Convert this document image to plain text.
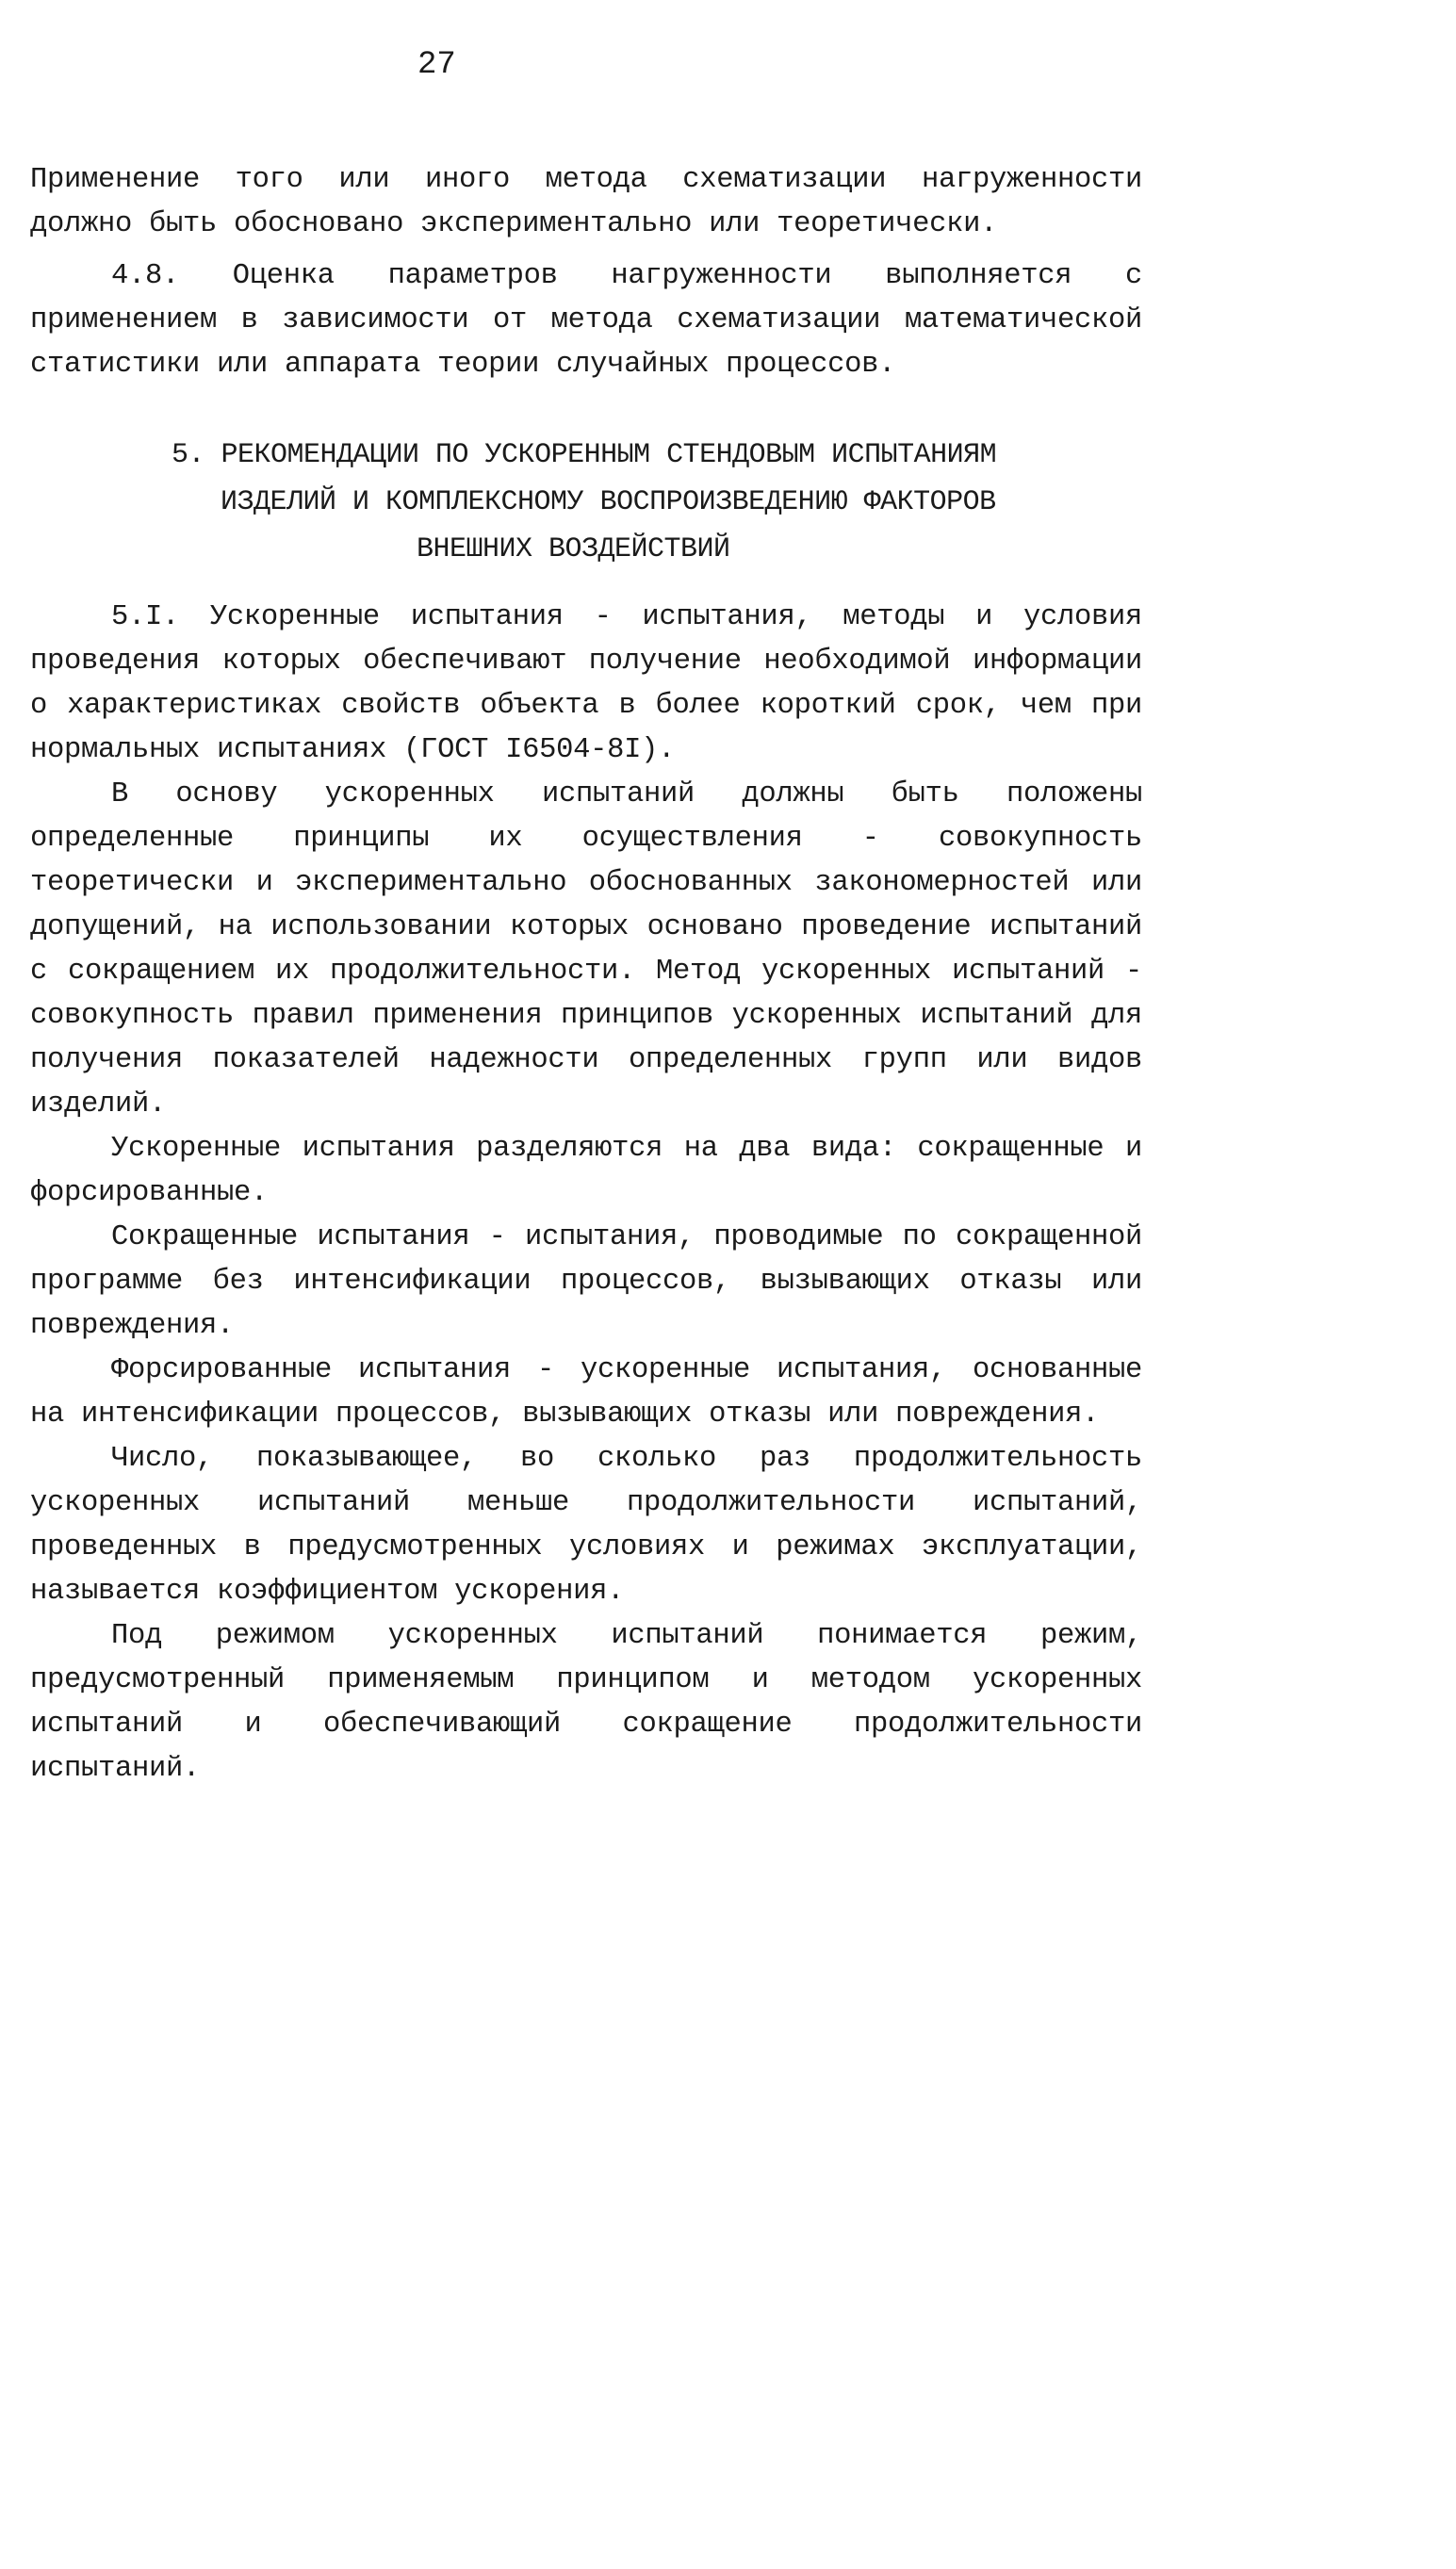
27

Применение того или иного метода схематизации нагруженности должно быть обосновано экспериментально или теоретически.

4.8. Оценка параметров нагруженности выполняется с применением в зависимости от метода схематизации математической статистики или аппарата теории случайных процессов.

5. РЕКОМЕНДАЦИИ ПО УСКОРЕННЫМ СТЕНДОВЫМ ИСПЫТАНИЯМ
ИЗДЕЛИЙ И КОМПЛЕКСНОМУ ВОСПРОИЗВЕДЕНИЮ ФАКТОРОВ
ВНЕШНИХ ВОЗДЕЙСТВИЙ

5.I. Ускоренные испытания - испытания, методы и условия проведения которых обеспечивают получение необходимой информации о характеристиках свойств объекта в более короткий срок, чем при нормальных испытаниях (ГОСТ I6504-8I).

В основу ускоренных испытаний должны быть положены определенные принципы их осуществления - совокупность теоретически и экспериментально обоснованных закономерностей или допущений, на использовании которых основано проведение испытаний с сокращением их продолжительности. Метод ускоренных испытаний - совокупность правил применения принципов ускоренных испытаний для получения показателей надежности определенных групп или видов изделий.

Ускоренные испытания разделяются на два вида: сокращенные и форсированные.

Сокращенные испытания - испытания, проводимые по сокращенной программе без интенсификации процессов, вызывающих отказы или повреждения.

Форсированные испытания - ускоренные испытания, основанные на интенсификации процессов, вызывающих отказы или повреждения.

Число, показывающее, во сколько раз продолжительность ускоренных испытаний меньше продолжительности испытаний, проведенных в предусмотренных условиях и режимах эксплуатации, называется коэффициентом ускорения.

Под режимом ускоренных испытаний понимается режим, предусмотренный применяемым принципом и методом ускоренных испытаний и обеспечивающий сокращение продолжительности испытаний.
